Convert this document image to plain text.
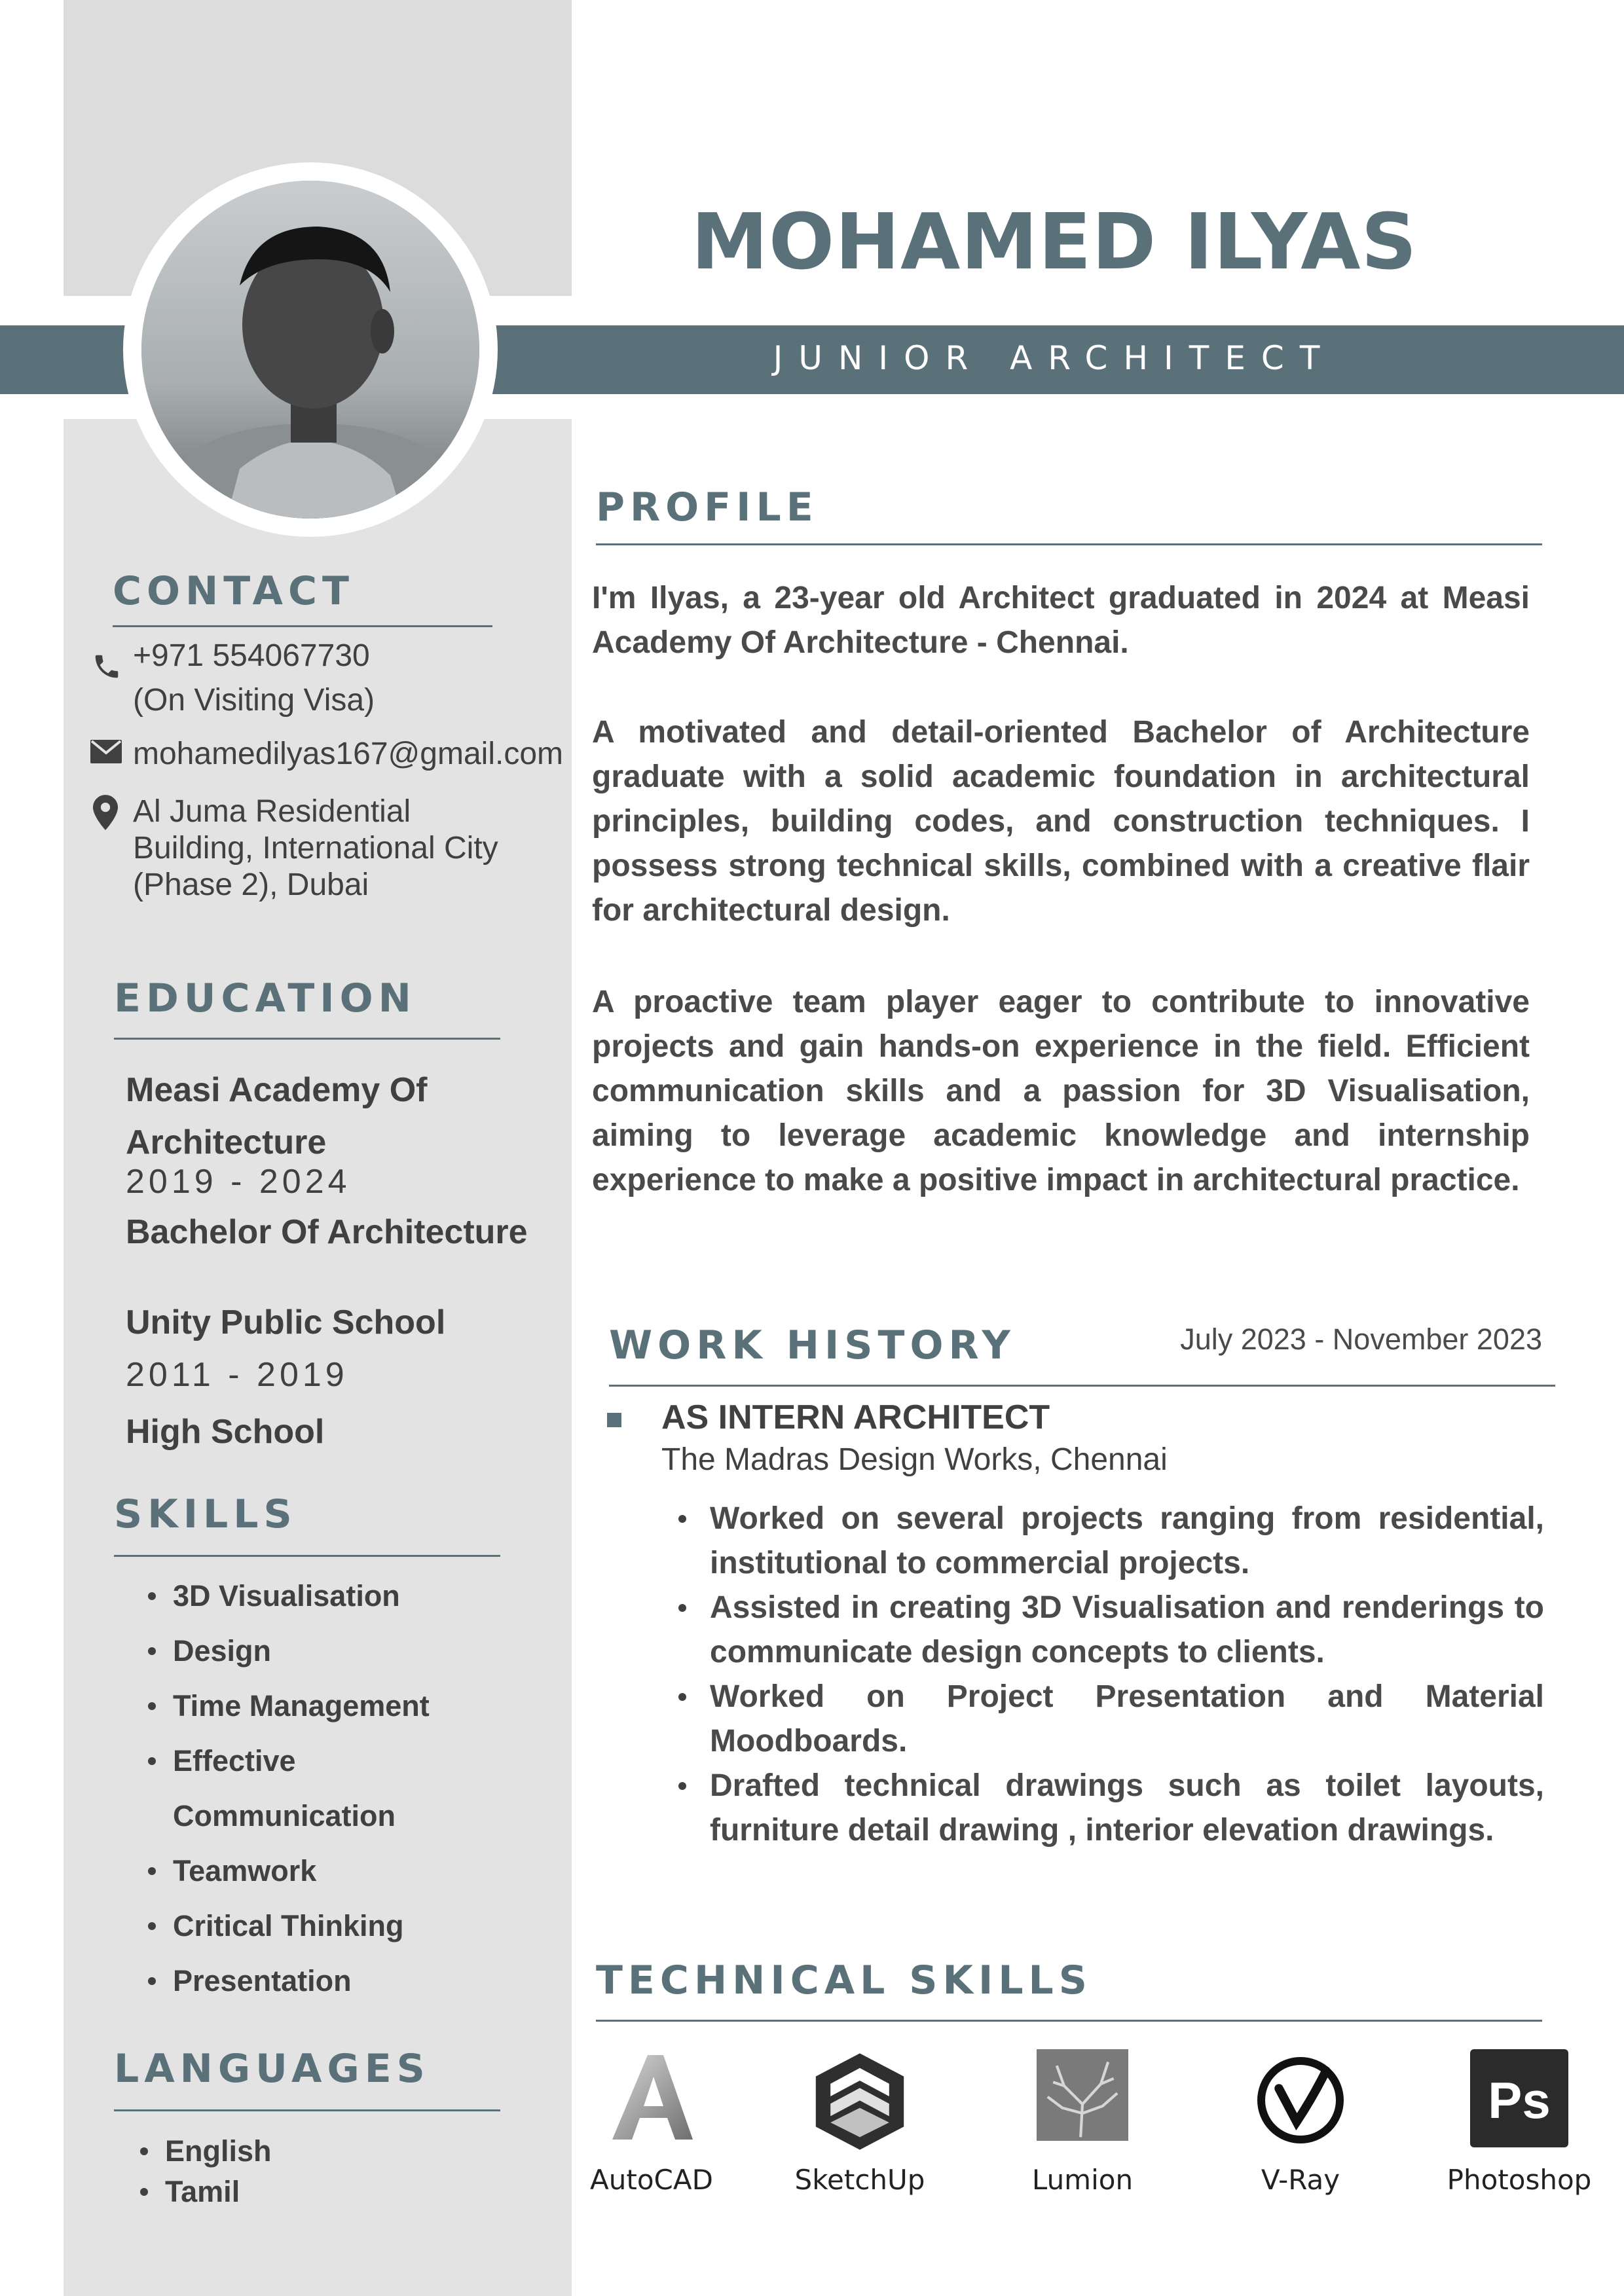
MOHAMED ILYAS
JUNIOR ARCHITECT
CONTACT
+971 554067730
(On Visiting Visa)
mohamedilyas167@gmail.com
Al Juma Residential
Building, International City
(Phase 2), Dubai
EDUCATION
Measi Academy Of
Architecture
2019 - 2024
Bachelor Of Architecture
Unity Public School
2011 - 2019
High School
SKILLS
3D Visualisation
Design
Time Management
Effective
Communication
Teamwork
Critical Thinking
Presentation
LANGUAGES
English
Tamil
PROFILE
I'm Ilyas, a 23-year old Architect graduated in 2024 at Measi Academy Of Architecture - Chennai.
A motivated and detail-oriented Bachelor of Architecture graduate with a solid academic foundation in architectural principles, building codes, and construction techniques. I possess strong technical skills, combined with a creative flair for architectural design.
A proactive team player eager to contribute to innovative projects and gain hands-on experience in the field. Efficient communication skills and a passion for 3D Visualisation, aiming to leverage academic knowledge and internship experience to make a positive impact in architectural practice.
WORK HISTORY	July 2023 - November 2023
AS INTERN ARCHITECT
The Madras Design Works, Chennai
Worked on several projects ranging from residential, institutional to commercial projects.
Assisted in creating 3D Visualisation and renderings to communicate design concepts to clients.
Worked on Project Presentation and Material Moodboards.
Drafted technical drawings such as toilet layouts, furniture detail drawing , interior elevation drawings.
TECHNICAL SKILLS
AutoCAD	SketchUp	Lumion	V-Ray
Ps
Photoshop
